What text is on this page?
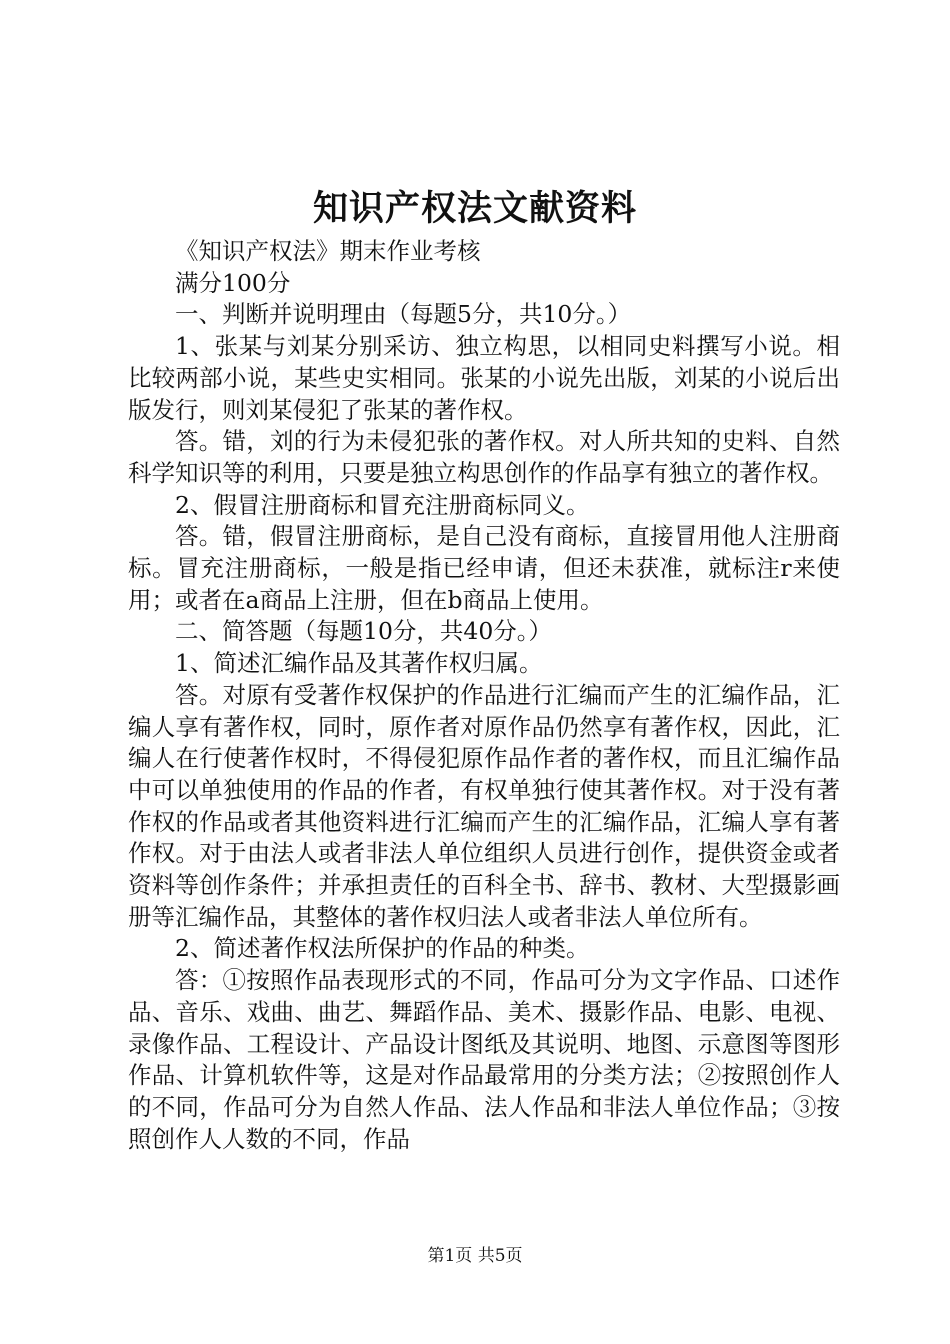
知识产权法文献资料

《知识产权法》期末作业考核

满分100分

一、判断并说明理由（每题5分，共10分。）

1、张某与刘某分别采访、独立构思，以相同史料撰写小说。相比较两部小说，某些史实相同。张某的小说先出版，刘某的小说后出版发行，则刘某侵犯了张某的著作权。

答。错，刘的行为未侵犯张的著作权。对人所共知的史料、自然科学知识等的利用，只要是独立构思创作的作品享有独立的著作权。

2、假冒注册商标和冒充注册商标同义。

答。错，假冒注册商标，是自己没有商标，直接冒用他人注册商标。冒充注册商标，一般是指已经申请，但还未获准，就标注r来使用；或者在a商品上注册，但在b商品上使用。

二、简答题（每题10分，共40分。）

1、简述汇编作品及其著作权归属。

答。对原有受著作权保护的作品进行汇编而产生的汇编作品，汇编人享有著作权，同时，原作者对原作品仍然享有著作权，因此，汇编人在行使著作权时，不得侵犯原作品作者的著作权，而且汇编作品中可以单独使用的作品的作者，有权单独行使其著作权。对于没有著作权的作品或者其他资料进行汇编而产生的汇编作品，汇编人享有著作权。对于由法人或者非法人单位组织人员进行创作，提供资金或者资料等创作条件；并承担责任的百科全书、辞书、教材、大型摄影画册等汇编作品，其整体的著作权归法人或者非法人单位所有。

2、简述著作权法所保护的作品的种类。

答：①按照作品表现形式的不同，作品可分为文字作品、口述作品、音乐、戏曲、曲艺、舞蹈作品、美术、摄影作品、电影、电视、录像作品、工程设计、产品设计图纸及其说明、地图、示意图等图形作品、计算机软件等，这是对作品最常用的分类方法；②按照创作人的不同，作品可分为自然人作品、法人作品和非法人单位作品；③按照创作人人数的不同，作品

第1页 共5页
